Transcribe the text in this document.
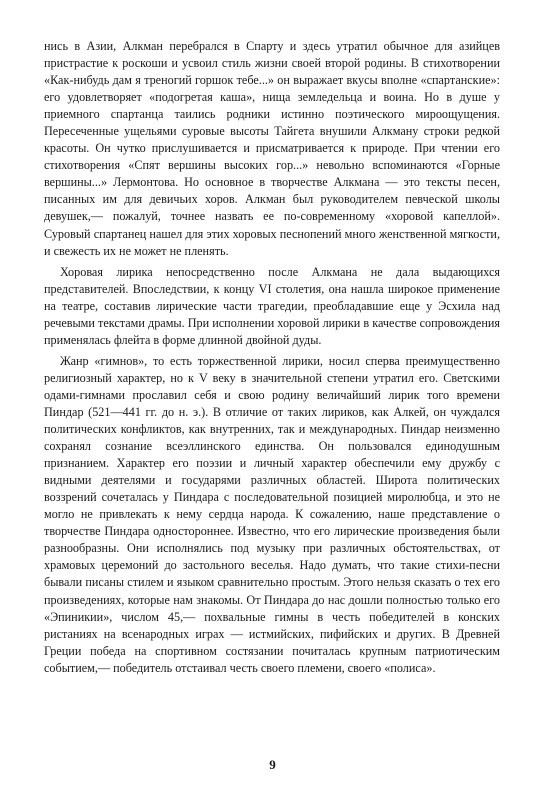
нись в Азии, Алкман перебрался в Спарту и здесь утратил обычное для азийцев пристрастие к роскоши и усвоил стиль жизни своей второй родины. В стихотворении «Как-нибудь дам я треногий горшок тебе...» он выражает вкусы вполне «спартанские»: его удовлетворяет «подогретая каша», нища земледельца и воина. Но в душе у приемного спартанца таились родники истинно поэтического мироощущения. Пересеченные ущельями суровые высоты Тайгета внушили Алкману строки редкой красоты. Он чутко прислушивается и присматривается к природе. При чтении его стихотворения «Спят вершины высоких гор...» невольно вспоминаются «Горные вершины...» Лермонтова. Но основное в творчестве Алкмана — это тексты песен, писанных им для девичьих хоров. Алкман был руководителем певческой школы девушек,— пожалуй, точнее назвать ее по-современному «хоровой капеллой». Суровый спартанец нашел для этих хоровых песнопений много женственной мягкости, и свежесть их не может не пленять.

Хоровая лирика непосредственно после Алкмана не дала выдающихся представителей. Впоследствии, к концу VI столетия, она нашла широкое применение на театре, составив лирические части трагедии, преобладавшие еще у Эсхила над речевыми текстами драмы. При исполнении хоровой лирики в качестве сопровождения применялась флейта в форме длинной двойной дуды.

Жанр «гимнов», то есть торжественной лирики, носил сперва преимущественно религиозный характер, но к V веку в значительной степени утратил его. Светскими одами-гимнами прославил себя и свою родину величайший лирик того времени Пиндар (521—441 гг. до н. э.). В отличие от таких лириков, как Алкей, он чуждался политических конфликтов, как внутренних, так и международных. Пиндар неизменно сохранял сознание всеэллинского единства. Он пользовался единодушным признанием. Характер его поэзии и личный характер обеспечили ему дружбу с видными деятелями и государями различных областей. Широта политических воззрений сочеталась у Пиндара с последовательной позицией миролюбца, и это не могло не привлекать к нему сердца народа. К сожалению, наше представление о творчестве Пиндара одностороннее. Известно, что его лирические произведения были разнообразны. Они исполнялись под музыку при различных обстоятельствах, от храмовых церемоний до застольного веселья. Надо думать, что такие стихи-песни бывали писаны стилем и языком сравнительно простым. Этого нельзя сказать о тех его произведениях, которые нам знакомы. От Пиндара до нас дошли полностью только его «Эпиникии», числом 45,— похвальные гимны в честь победителей в конских ристаниях на всенародных играх — истмийских, пифийских и других. В Древней Греции победа на спортивном состязании почиталась крупным патриотическим событием,— победитель отстаивал честь своего племени, своего «полиса».

9
